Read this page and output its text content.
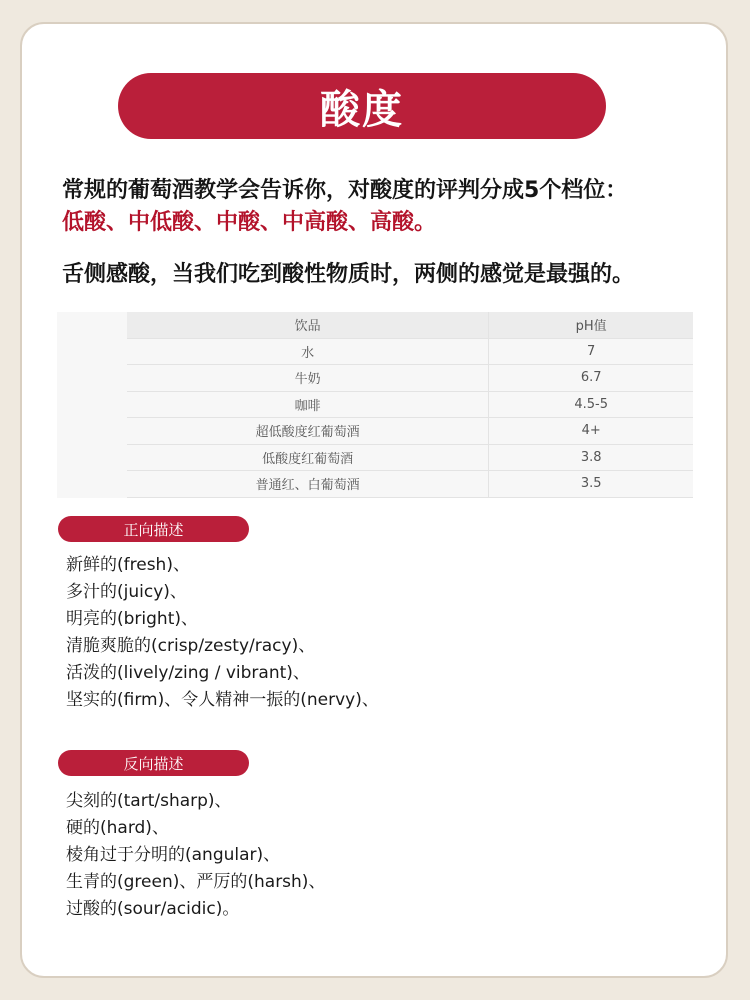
酸度
常规的葡萄酒教学会告诉你，对酸度的评判分成5个档位：
低酸、中低酸、中酸、中高酸、高酸。
舌侧感酸，当我们吃到酸性物质时，两侧的感觉是最强的。
饮品	pH值
水	7
牛奶	6.7
咖啡	4.5-5
超低酸度红葡萄酒	4+
低酸度红葡萄酒	3.8
普通红、白葡萄酒	3.5
正向描述
新鲜的(fresh)、
多汁的(juicy)、
明亮的(bright)、
清脆爽脆的(crisp/zesty/racy)、
活泼的(lively/zing / vibrant)、
坚实的(firm)、令人精神一振的(nervy)、
反向描述
尖刻的(tart/sharp)、
硬的(hard)、
棱角过于分明的(angular)、
生青的(green)、严厉的(harsh)、
过酸的(sour/acidic)。
